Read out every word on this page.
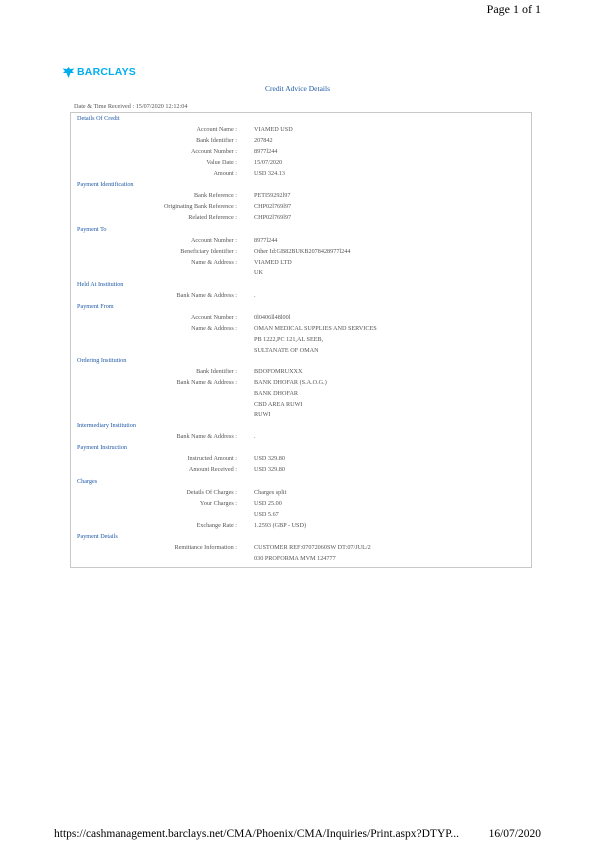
Page 1 of 1
BARCLAYS
Credit Advice Details
Date & Time Received : 15/07/2020 12:12:04
Details Of Credit
Account Name :	VIAMED USD
Bank Identifier :	207842
Account Number :	8977l244
Value Date :	15/07/2020
Amount :	USD 324.13
Payment Identification
Bank Reference :	PETI59292l97
Originating Bank Reference :	CHP02l769l97
Related Reference :	CHP02l769l97
Payment To
Account Number :	8977l244
Beneficiary Identifier :	Other Id:GB82BUKB2078428977l244
Name & Address :	VIAMED LTD
UK
Held At Institution
Bank Name & Address :	.
Payment From
Account Number :	0l0406ll48l00l
Name & Address :	OMAN MEDICAL SUPPLIES AND SERVICES
PB 1222,PC 121,AL SEEB,
SULTANATE OF OMAN
Ordering Institution
Bank Identifier :	BDOFOMRUXXX
Bank Name & Address :	BANK DHOFAR (S.A.O.G.)
BANK DHOFAR
CBD AREA RUWI
RUWI
Intermediary Institution
Bank Name & Address :	.
Payment Instruction
Instructed Amount :	USD 329.80
Amount Received :	USD 329.80
Charges
Details Of Charges :	Charges split
Your Charges :	USD 25.00
USD 5.67
Exchange Rate :	1.2593 (GBP - USD)
Payment Details
Remittance Information :	CUSTOMER REF:07072060SW DT:07/JUL/2
030 PROFORMA MVM 124777
https://cashmanagement.barclays.net/CMA/Phoenix/CMA/Inquiries/Print.aspx?DTYP...	16/07/2020
